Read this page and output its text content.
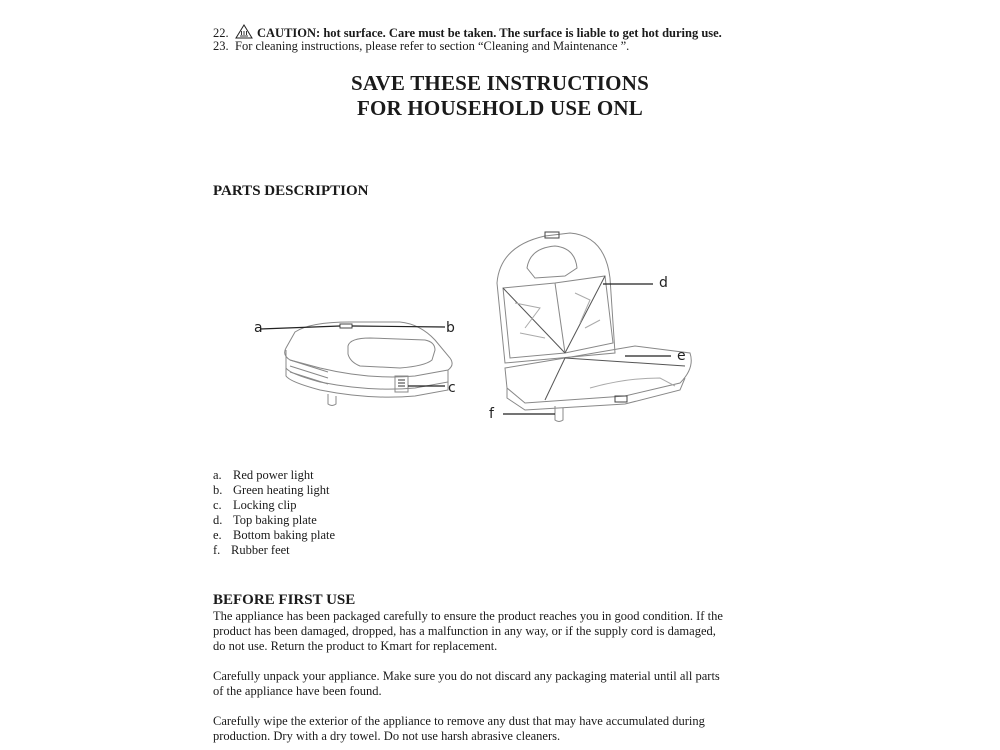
22. CAUTION: hot surface. Care must be taken. The surface is liable to get hot during use.
23. For cleaning instructions, please refer to section “Cleaning and Maintenance ”.
SAVE THESE INSTRUCTIONS
FOR HOUSEHOLD USE ONL
PARTS DESCRIPTION
a	b
c
d
e
f
a. Red power light
b. Green heating light
c. Locking clip
d. Top baking plate
e. Bottom baking plate
f. Rubber feet
BEFORE FIRST USE
The appliance has been packaged carefully to ensure the product reaches you in good condition. If the
product has been damaged, dropped, has a malfunction in any way, or if the supply cord is damaged,
do not use. Return the product to Kmart for replacement.
Carefully unpack your appliance. Make sure you do not discard any packaging material until all parts
of the appliance have been found.
Carefully wipe the exterior of the appliance to remove any dust that may have accumulated during
production. Dry with a dry towel. Do not use harsh abrasive cleaners.
